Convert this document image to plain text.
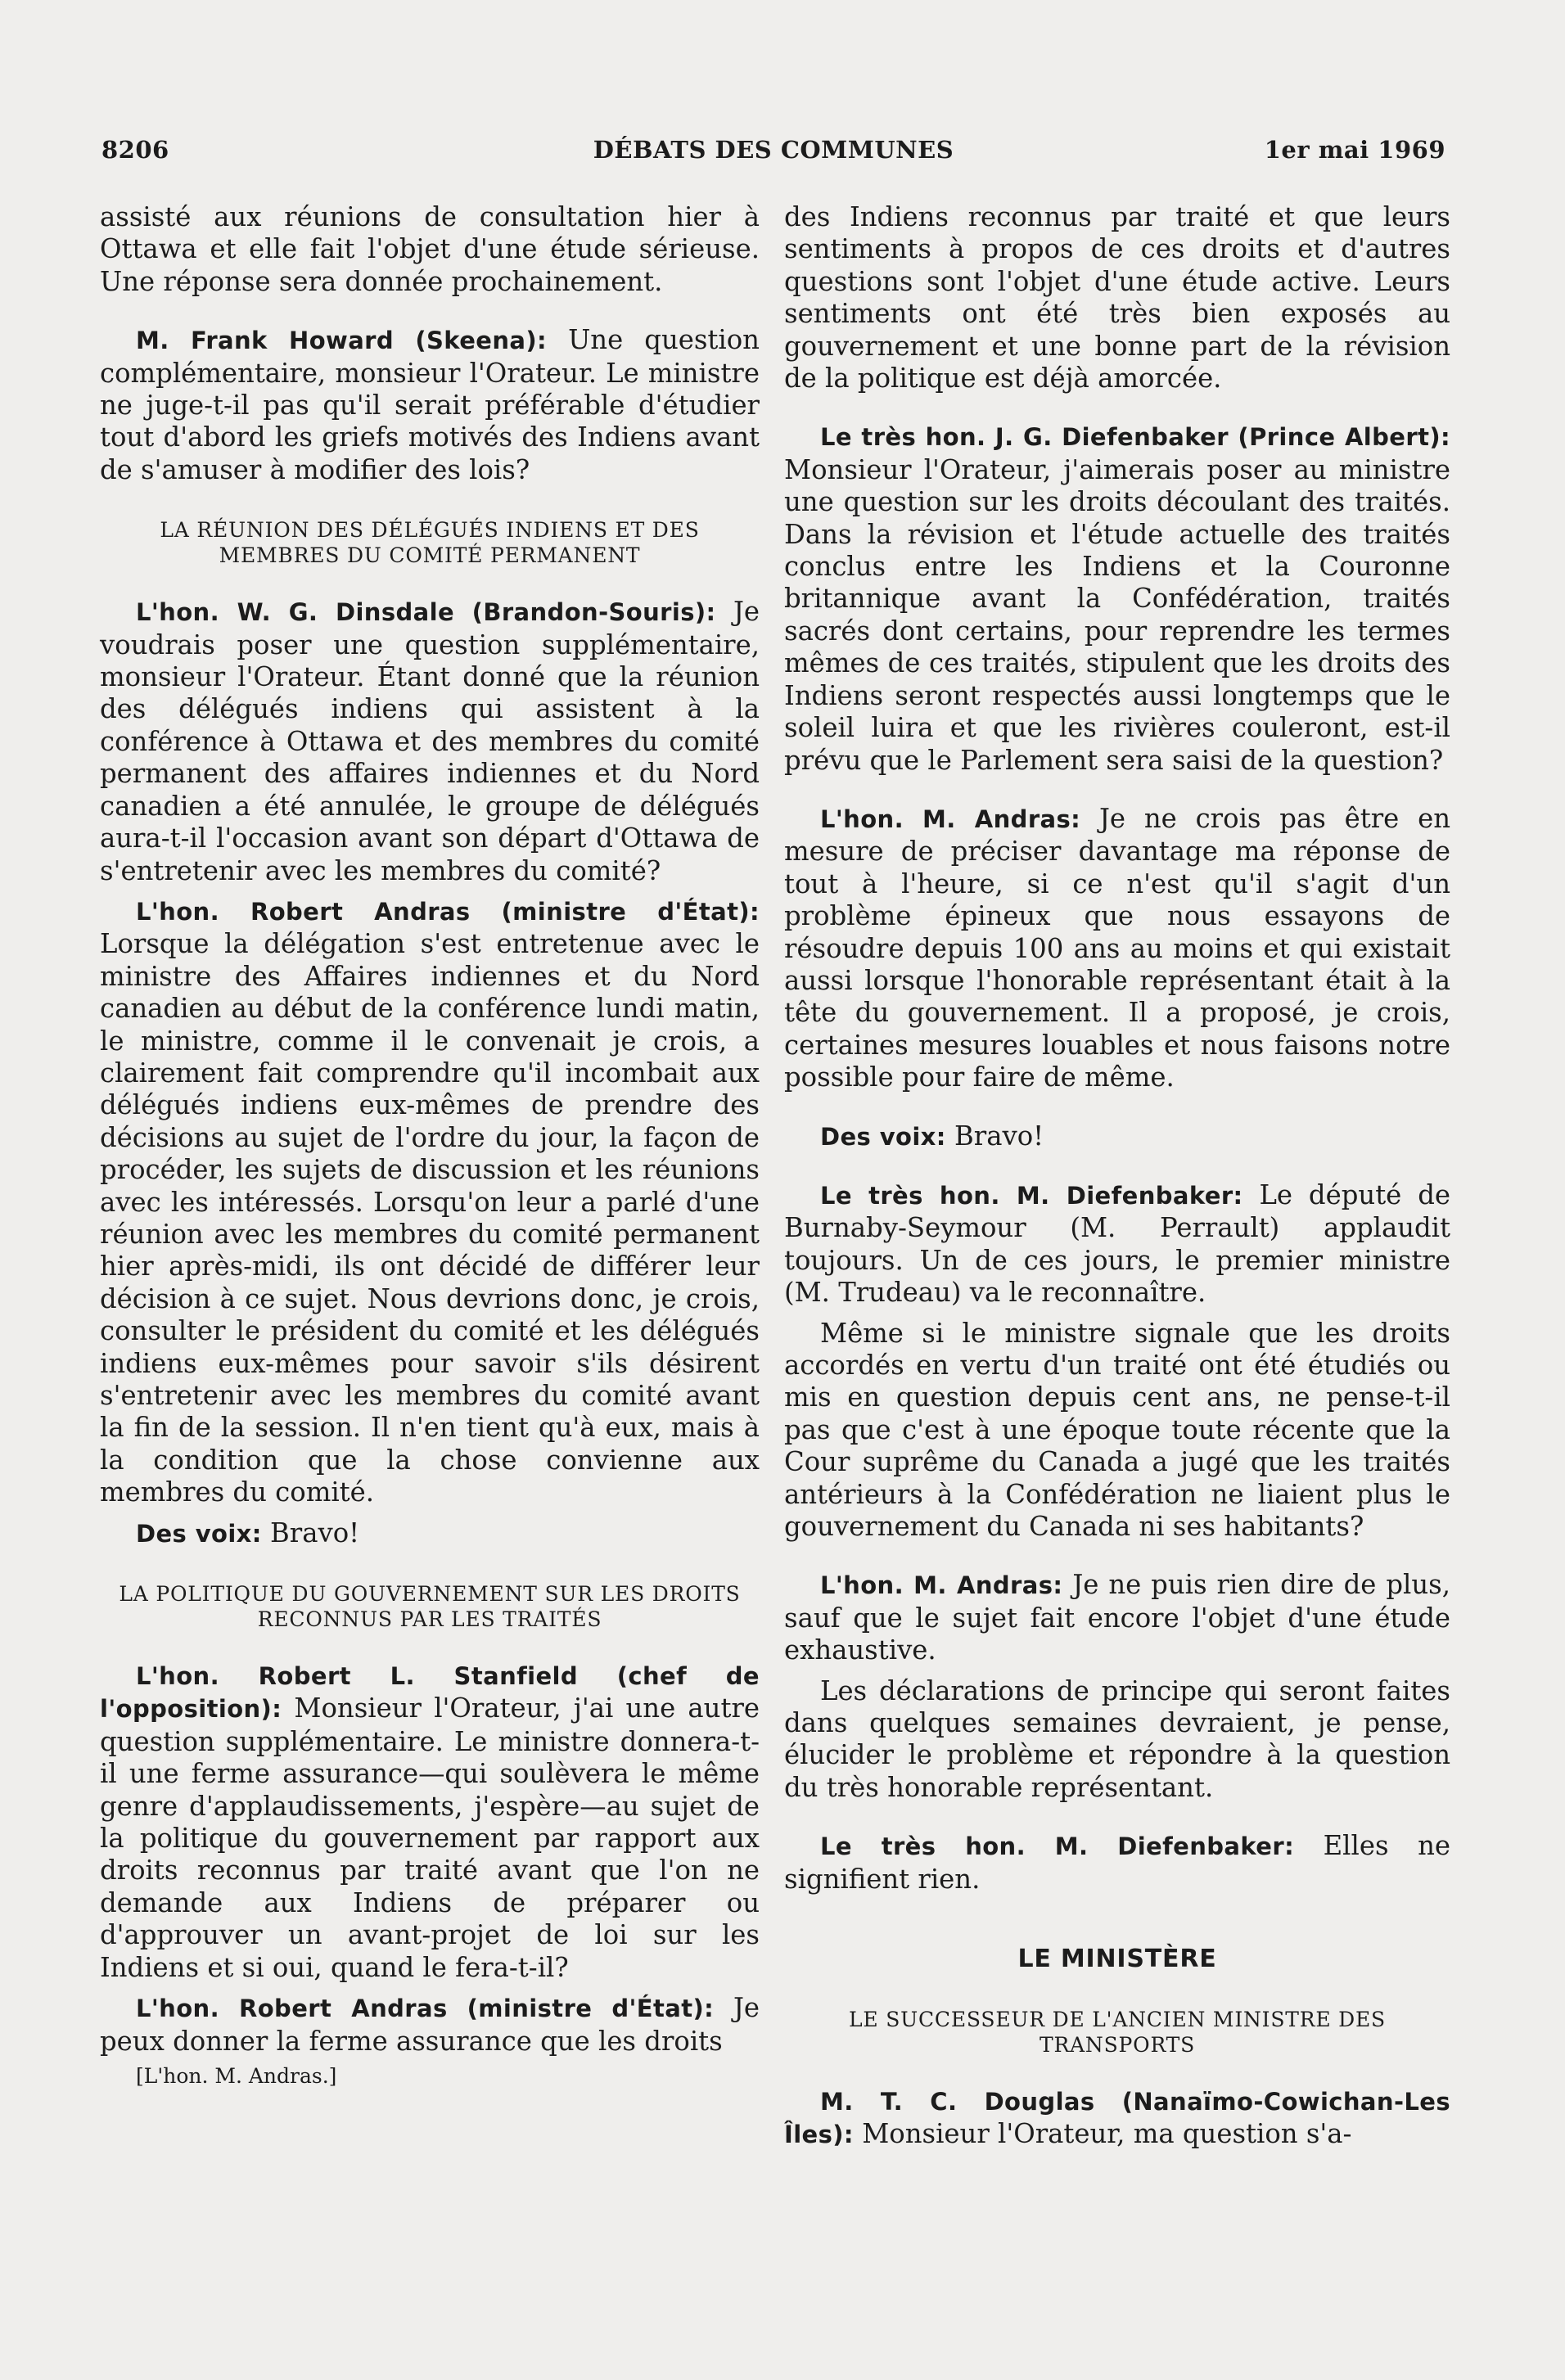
8206	DÉBATS DES COMMUNES	1er mai 1969

assisté aux réunions de consultation hier à Ottawa et elle fait l'objet d'une étude sérieuse. Une réponse sera donnée prochainement.

M. Frank Howard (Skeena): Une question complémentaire, monsieur l'Orateur. Le ministre ne juge-t-il pas qu'il serait préférable d'étudier tout d'abord les griefs motivés des Indiens avant de s'amuser à modifier des lois?

LA RÉUNION DES DÉLÉGUÉS INDIENS ET DES MEMBRES DU COMITÉ PERMANENT

L'hon. W. G. Dinsdale (Brandon-Souris): Je voudrais poser une question supplémentaire, monsieur l'Orateur. Étant donné que la réunion des délégués indiens qui assistent à la conférence à Ottawa et des membres du comité permanent des affaires indiennes et du Nord canadien a été annulée, le groupe de délégués aura-t-il l'occasion avant son départ d'Ottawa de s'entretenir avec les membres du comité?

L'hon. Robert Andras (ministre d'État): Lorsque la délégation s'est entretenue avec le ministre des Affaires indiennes et du Nord canadien au début de la conférence lundi matin, le ministre, comme il le convenait je crois, a clairement fait comprendre qu'il incombait aux délégués indiens eux-mêmes de prendre des décisions au sujet de l'ordre du jour, la façon de procéder, les sujets de discussion et les réunions avec les intéressés. Lorsqu'on leur a parlé d'une réunion avec les membres du comité permanent hier après-midi, ils ont décidé de différer leur décision à ce sujet. Nous devrions donc, je crois, consulter le président du comité et les délégués indiens eux-mêmes pour savoir s'ils désirent s'entretenir avec les membres du comité avant la fin de la session. Il n'en tient qu'à eux, mais à la condition que la chose convienne aux membres du comité.

Des voix: Bravo!

LA POLITIQUE DU GOUVERNEMENT SUR LES DROITS RECONNUS PAR LES TRAITÉS

L'hon. Robert L. Stanfield (chef de l'opposition): Monsieur l'Orateur, j'ai une autre question supplémentaire. Le ministre donnera-t-il une ferme assurance—qui soulèvera le même genre d'applaudissements, j'espère—au sujet de la politique du gouvernement par rapport aux droits reconnus par traité avant que l'on ne demande aux Indiens de préparer ou d'approuver un avant-projet de loi sur les Indiens et si oui, quand le fera-t-il?

L'hon. Robert Andras (ministre d'État): Je peux donner la ferme assurance que les droits

[L'hon. M. Andras.]

des Indiens reconnus par traité et que leurs sentiments à propos de ces droits et d'autres questions sont l'objet d'une étude active. Leurs sentiments ont été très bien exposés au gouvernement et une bonne part de la révision de la politique est déjà amorcée.

Le très hon. J. G. Diefenbaker (Prince Albert): Monsieur l'Orateur, j'aimerais poser au ministre une question sur les droits découlant des traités. Dans la révision et l'étude actuelle des traités conclus entre les Indiens et la Couronne britannique avant la Confédération, traités sacrés dont certains, pour reprendre les termes mêmes de ces traités, stipulent que les droits des Indiens seront respectés aussi longtemps que le soleil luira et que les rivières couleront, est-il prévu que le Parlement sera saisi de la question?

L'hon. M. Andras: Je ne crois pas être en mesure de préciser davantage ma réponse de tout à l'heure, si ce n'est qu'il s'agit d'un problème épineux que nous essayons de résoudre depuis 100 ans au moins et qui existait aussi lorsque l'honorable représentant était à la tête du gouvernement. Il a proposé, je crois, certaines mesures louables et nous faisons notre possible pour faire de même.

Des voix: Bravo!

Le très hon. M. Diefenbaker: Le député de Burnaby-Seymour (M. Perrault) applaudit toujours. Un de ces jours, le premier ministre (M. Trudeau) va le reconnaître.

Même si le ministre signale que les droits accordés en vertu d'un traité ont été étudiés ou mis en question depuis cent ans, ne pense-t-il pas que c'est à une époque toute récente que la Cour suprême du Canada a jugé que les traités antérieurs à la Confédération ne liaient plus le gouvernement du Canada ni ses habitants?

L'hon. M. Andras: Je ne puis rien dire de plus, sauf que le sujet fait encore l'objet d'une étude exhaustive.

Les déclarations de principe qui seront faites dans quelques semaines devraient, je pense, élucider le problème et répondre à la question du très honorable représentant.

Le très hon. M. Diefenbaker: Elles ne signifient rien.

LE MINISTÈRE
LE SUCCESSEUR DE L'ANCIEN MINISTRE DES TRANSPORTS

M. T. C. Douglas (Nanaïmo-Cowichan-Les Îles): Monsieur l'Orateur, ma question s'a-
